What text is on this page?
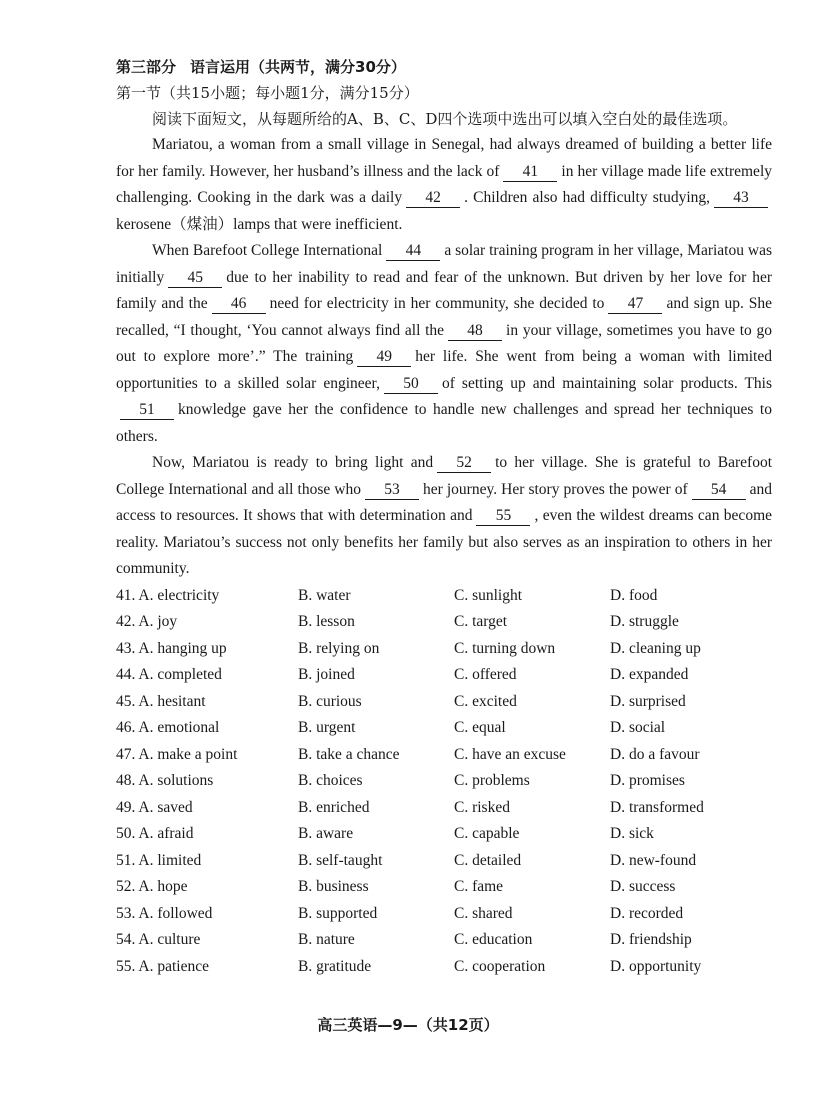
第三部分 语言运用（共两节，满分30分）
第一节（共15小题；每小题1分，满分15分）
阅读下面短文，从每题所给的A、B、C、D四个选项中选出可以填入空白处的最佳选项。
Mariatou, a woman from a small village in Senegal, had always dreamed of building a better life for her family. However, her husband’s illness and the lack of 41 in her village made life extremely challenging. Cooking in the dark was a daily 42 . Children also had difficulty studying, 43kerosene（煤油）lamps that were inefficient.
When Barefoot College International 44 a solar training program in her village, Mariatou was initially 45 due to her inability to read and fear of the unknown. But driven by her love for her family and the 46 need for electricity in her community, she decided to 47 and sign up. She recalled, “I thought, ‘You cannot always find all the 48 in your village, sometimes you have to go out to explore more’.” The training 49 her life. She went from being a woman with limited opportunities to a skilled solar engineer, 50 of setting up and maintaining solar products. This51 knowledge gave her the confidence to handle new challenges and spread her techniques to others.
Now, Mariatou is ready to bring light and 52 to her village. She is grateful to Barefoot College International and all those who 53 her journey. Her story proves the power of 54 and access to resources. It shows that with determination and 55 , even the wildest dreams can become reality. Mariatou’s success not only benefits her family but also serves as an inspiration to others in her community.
41. A. electricity	B. water	C. sunlight	D. food
42. A. joy	B. lesson	C. target	D. struggle
43. A. hanging up	B. relying on	C. turning down	D. cleaning up
44. A. completed	B. joined	C. offered	D. expanded
45. A. hesitant	B. curious	C. excited	D. surprised
46. A. emotional	B. urgent	C. equal	D. social
47. A. make a point	B. take a chance	C. have an excuse	D. do a favour
48. A. solutions	B. choices	C. problems	D. promises
49. A. saved	B. enriched	C. risked	D. transformed
50. A. afraid	B. aware	C. capable	D. sick
51. A. limited	B. self-taught	C. detailed	D. new-found
52. A. hope	B. business	C. fame	D. success
53. A. followed	B. supported	C. shared	D. recorded
54. A. culture	B. nature	C. education	D. friendship
55. A. patience	B. gratitude	C. cooperation	D. opportunity
高三英语—9—（共12页）
